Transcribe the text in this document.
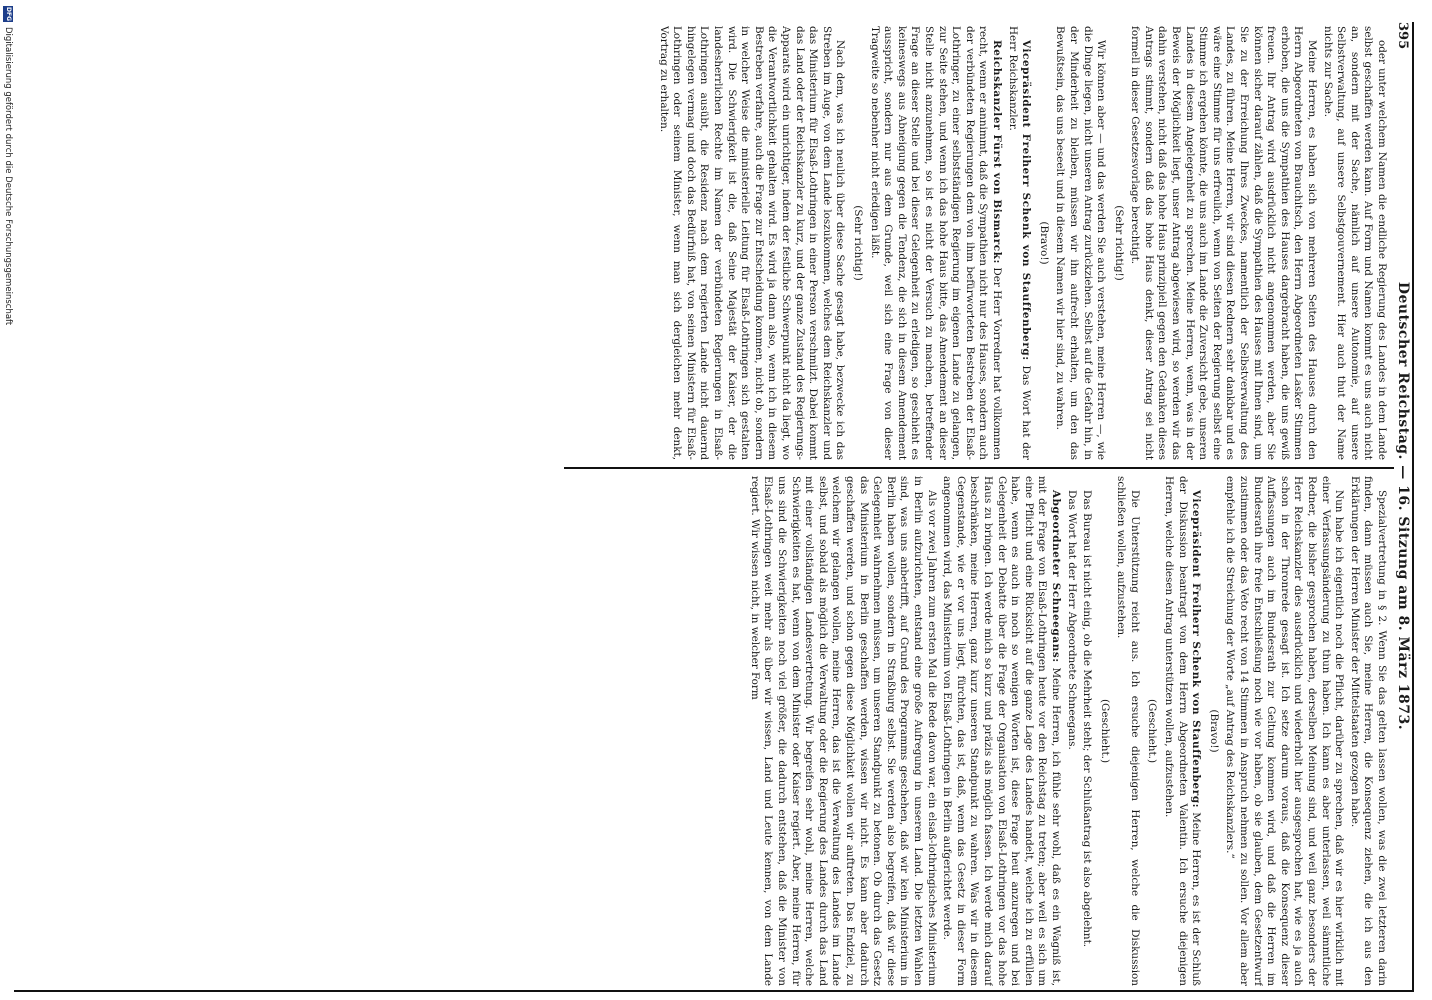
Deutscher Reichstag. — 16. Sitzung am 8. März 1873.
395

Spezialvertretung in § 2. Wenn Sie das gelten lassen wollen, was die zwei letzteren darin finden, dann müssen auch Sie, meine Herren, die Konsequenz ziehen, die ich aus den Erklärungen der Herren Minister der Mittelstaaten gezogen habe.

Nun habe ich eigentlich noch die Pflicht, darüber zu sprechen, daß wir es hier wirklich mit einer Verfassungsänderung zu thun haben. Ich kann es aber unterlassen, weil sämmtliche Redner, die bisher gesprochen haben, derselben Meinung sind, und weil ganz besonders der Herr Reichskanzler dies ausdrücklich und wiederholt hier ausgesprochen hat, wie es ja auch schon in der Thronrede gesagt ist. Ich setze darum voraus, daß die Konsequenz dieser Auffassungen auch im Bundesrath zur Geltung kommen wird, und daß die Herren im Bundesrath ihre freie Entschließung noch wie vor haben, ob sie glauben, dem Gesetzentwurf zustimmen oder das Veto recht von 14 Stimmen in Anspruch nehmen zu sollen. Vor allem aber empfehle ich die Streichung der Worte „auf Antrag des Reichskanzlers.“

(Bravo!)

Vicepräsident Freiherr Schenk von Stauffenberg: Meine Herren, es ist der Schluß der Diskussion beantragt von dem Herrn Abgeordneten Valentin. Ich ersuche diejenigen Herren, welche diesen Antrag unterstützen wollen, aufzustehen.

(Geschieht.)

Die Unterstützung reicht aus. Ich ersuche diejenigen Herren, welche die Diskussion schließen wollen, aufzustehen.

(Geschieht.)

Das Bureau ist nicht einig, ob die Mehrheit steht; der Schlußantrag ist also abgelehnt.

Das Wort hat der Herr Abgeordnete Schneegans.

Abgeordneter Schneegans: Meine Herren, ich fühle sehr wohl, daß es ein Wagniß ist, mit der Frage von Elsaß-Lothringen heute vor den Reichstag zu treten; aber weil es sich um eine Pflicht und eine Rücksicht auf die ganze Lage des Landes handelt, welche ich zu erfüllen habe, wenn es auch in noch so wenigen Worten ist, diese Frage heut anzuregen und bei Gelegenheit der Debatte über die Frage der Organisation von Elsaß-Lothringen vor das hohe Haus zu bringen. Ich werde mich so kurz und präzis als möglich fassen. Ich werde mich darauf beschränken, meine Herren, ganz kurz unseren Standpunkt zu wahren. Was wir in diesem Gegenstande, wie er vor uns liegt, fürchten, das ist, daß, wenn das Gesetz in dieser Form angenommen wird, das Ministerium von Elsaß-Lothringen in Berlin aufgerichtet werde.

Als vor zwei Jahren zum ersten Mal die Rede davon war, ein elsaß-lothringisches Ministerium in Berlin aufzurichten, entstand eine große Aufregung in unserem Land. Die letzten Wahlen sind, was uns anbetrifft, auf Grund des Programms geschehen, daß wir kein Ministerium in Berlin haben wollen, sondern in Straßburg selbst. Sie werden also begreifen, daß wir diese Gelegenheit wahrnehmen müssen, um unseren Standpunkt zu betonen. Ob durch das Gesetz das Ministerium in Berlin geschaffen werden, wissen wir nicht. Es kann aber dadurch geschaffen werden, und schon gegen diese Möglichkeit wollen wir auftreten. Das Endziel, zu welchem wir gelangen wollen, meine Herren, das ist die Verwaltung des Landes im Lande selbst, und sobald als möglich die Verwaltung oder die Regierung des Landes durch das Land mit einer vollständigen Landesvertretung. Wir begreifen sehr wohl, meine Herren, welche Schwierigkeiten es hat, wenn von dem Minister oder Kaiser regiert. Aber, meine Herren, für uns sind die Schwierigkeiten noch viel größer, die dadurch entstehen, daß die Minister von Elsaß-Lothringen weit mehr als über wir wissen, Land und Leute kennen, von dem Lande regiert. Wir wissen nicht, in welcher Form

oder unter welchem Namen die endliche Regierung des Landes in dem Lande selbst geschaffen werden kann. Auf Form und Namen kommt es uns auch nicht an, sondern mit der Sache, nämlich auf unsere Autonomie, auf unsere Selbstverwaltung, auf unsere Selbstgouvernement. Hier auch thut der Name nichts zur Sache.

Meine Herren, es haben sich von mehreren Seiten des Hauses durch den Herrn Abgeordneten von Brauchitsch, den Herrn Abgeordneten Lasker Stimmen erhoben, die uns die Sympathien des Hauses dargebracht haben, die uns gewiß freuen. Ihr Antrag wird ausdrücklich nicht angenommen werden, aber Sie können sicher darauf zählen, daß die Sympathien des Hauses mit Ihnen sind, um Sie zu der Erreichung Ihres Zweckes, namentlich der Selbstverwaltung des Landes, zu führen. Meine Herren, wir sind diesen Rednern sehr dankbar und es wäre eine Stimme für uns erfreulich, wenn von Seiten der Regierung selbst eine Stimme ich ergehen könnte, die uns auch im Lande die Zuversicht gebe, unseren Landes in diesem Angelegenheit zu sprechen. Meine Herren, wenn, was in der Beweis der Möglichkeit liegt, unser Antrag abgewiesen wird, so werden wir das dahin verstehen, nicht daß das hohe Haus prinzipiell gegen den Gedanken dieses Antrags stimmt, sondern daß das hohe Haus denkt, dieser Antrag sei nicht formell in dieser Gesetzesvorlage berechtigt.

(Sehr richtig!)

Wir können aber — und das werden Sie auch verstehen, meine Herren —, wie die Dinge liegen, nicht unseren Antrag zurückziehen. Selbst auf die Gefahr hin, in der Minderheit zu bleiben, müssen wir ihn aufrecht erhalten, um den das Bewußtsein, das uns beseelt und in diesem Namen wir hier sind, zu wahren.

(Bravo!)

Vicepräsident Freiherr Schenk von Stauffenberg: Das Wort hat der Herr Reichskanzler.

Reichskanzler Fürst von Bismarck: Der Herr Vorredner hat vollkommen recht, wenn er annimmt, daß die Sympathien nicht nur des Hauses, sondern auch der verbündeten Regierungen dem von ihm befürworteten Bestreben der Elsaß-Lothringer, zu einer selbstständigen Regierung im eigenen Lande zu gelangen, zur Seite stehen, und wenn ich das hohe Haus bitte, das Amendement an dieser Stelle nicht anzunehmen, so ist es nicht der Versuch zu machen, betreffender Frage an dieser Stelle und bei dieser Gelegenheit zu erledigen, so geschieht es keineswegs aus Abneigung gegen die Tendenz, die sich in diesem Amendement ausspricht, sondern nur aus dem Grunde, weil sich eine Frage von dieser Tragweite so nebenher nicht erledigen läßt.

(Sehr richtig!)

Nach dem, was ich neulich über diese Sache gesagt habe, bezwecke ich das Streben im Auge, von dem Lande loszukommen, welches dem Reichskanzler und das Ministerium für Elsaß-Lothringen in einer Person verschmilzt. Dabei kommt das Land oder der Reichskanzler zu kurz, und der ganze Zustand des Regierungs-Apparats wird ein unrichtiger, indem der festliche Schwerpunkt nicht da liegt, wo die Verantwortlichkeit gehalten wird. Es wird ja dann also, wenn ich in diesem Bestreben verfahre, auch die Frage zur Entscheidung kommen, nicht ob, sondern in welcher Weise die ministerielle Leitung für Elsaß-Lothringen sich gestalten wird. Die Schwierigkeit ist die, daß Seine Majestät der Kaiser, der die landesherrlichen Rechte im Namen der verbündeten Regierungen in Elsaß-Lothringen ausübt, die Residenz nach dem regierten Lande nicht dauernd hingelegen vermag und doch das Bedürfniß hat, von seinen Ministern für Elsaß-Lothringen oder seinem Minister, wenn man sich dergleichen mehr denkt, Vortrag zu erhalten.

DFG
Digitalisierung gefördert durch die Deutsche Forschungsgemeinschaft
